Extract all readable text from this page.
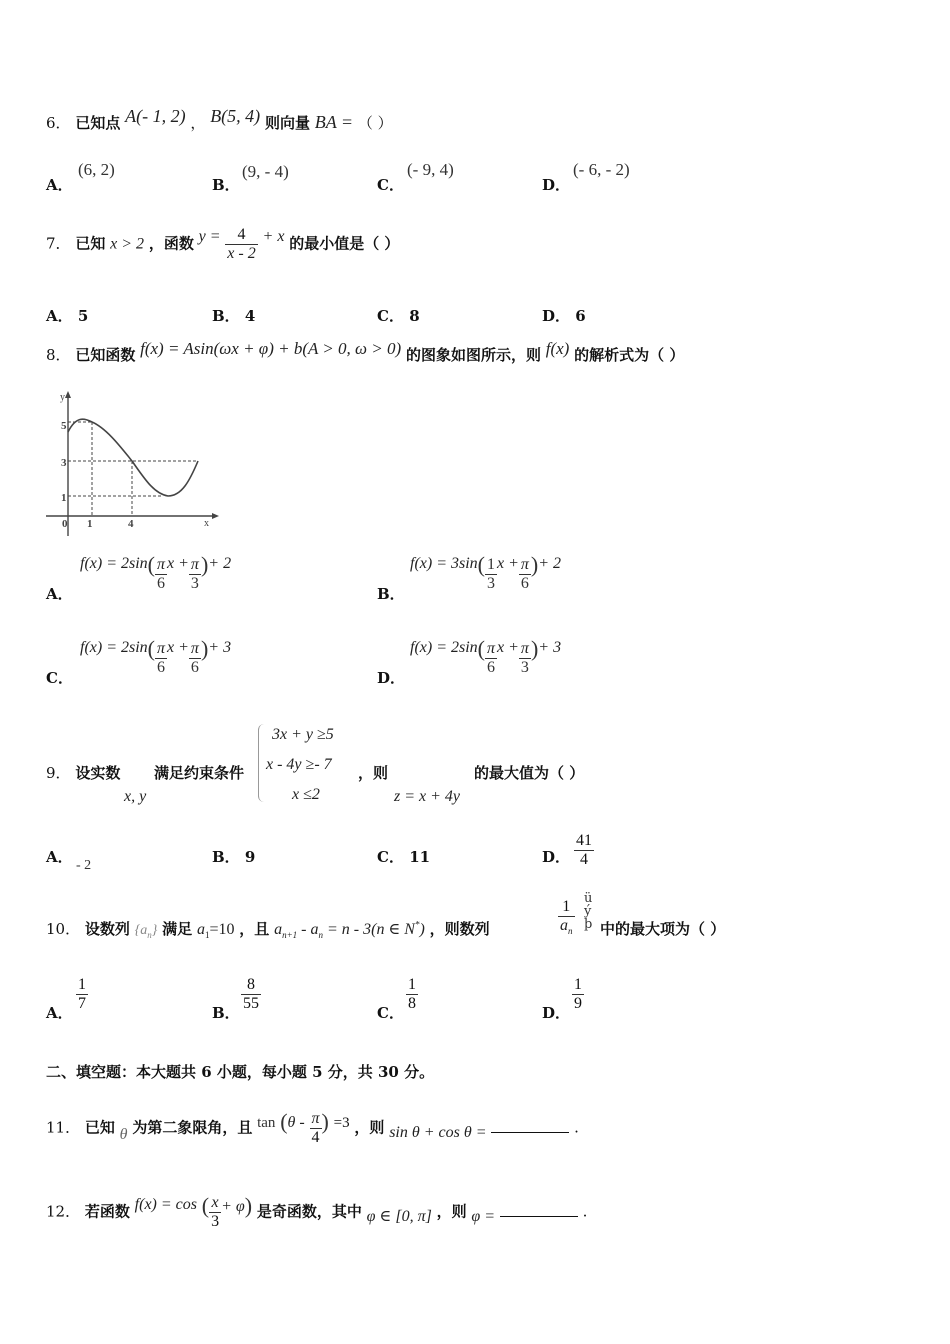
6． 已知点 A(- 1, 2) ， B(5, 4) 则向量 BA = （ ）
A．
(6, 2)
B．
(9, - 4)
C．
(- 9, 4)
D．
(- 6, - 2)
7． 已知 x > 2 ，函数 $y = \frac{4}{x - 2} + x$ 的最小值是（ ）
A． 5	B． 4	C． 8	D． 6
8． 已知函数 f(x) = Asin(ωx + φ) + b(A > 0, ω > 0) 的图象如图所示，则 f(x) 的解析式为（ ）
y
x
0
5
3
1
1	4
A．
$f(x) = 2\sin( \frac{\pi}{6}$ $x + \frac{\pi}{3}$ )+ 2
B．
$f(x) = 3\sin( \frac{1}{3}$ $x + \frac{\pi}{6}$ )+ 2
C．
$f(x) = 2\sin( \frac{\pi}{6}$ $x + \frac{\pi}{6}$ )+ 3
D．
$f(x) = 2\sin( \frac{\pi}{6}$ $x + \frac{\pi}{3}$ )+ 3
9． 设实数
x, y
满足约束条件
3x + y ≥5
x - 4y ≥- 7
x ≤2
，则
z = x + 4y
的最大值为（ ）
A． - 2	B． 9	C． 11	D． $\frac{41}{4}$
10． 设数列 $\{a_n\}$ 满足 $a_1=10$ ，且 $a_{n+1} - a_n = n - 3(n$ ∈ N*) ，则数列	$\frac{1}{a_n}$ ü ý þ 中的最大项为（ ）
A． $\frac{1}{7}$	B． $\frac{8}{55}$	C． $\frac{1}{8}$	D． $\frac{1}{9}$
二、填空题：本大题共 6 小题，每小题 5 分，共 30 分。
11． 已知 θ 为第二象限角，且 $\tan (\theta - \frac{\pi}{4}$ ) =3 ，则 sin θ + cos θ =	.
12． 若函数 f(x) = cos ( $\frac{x}{3} + \varphi$) 是奇函数，其中 φ ∈ [0, π] ，则 φ =	.
